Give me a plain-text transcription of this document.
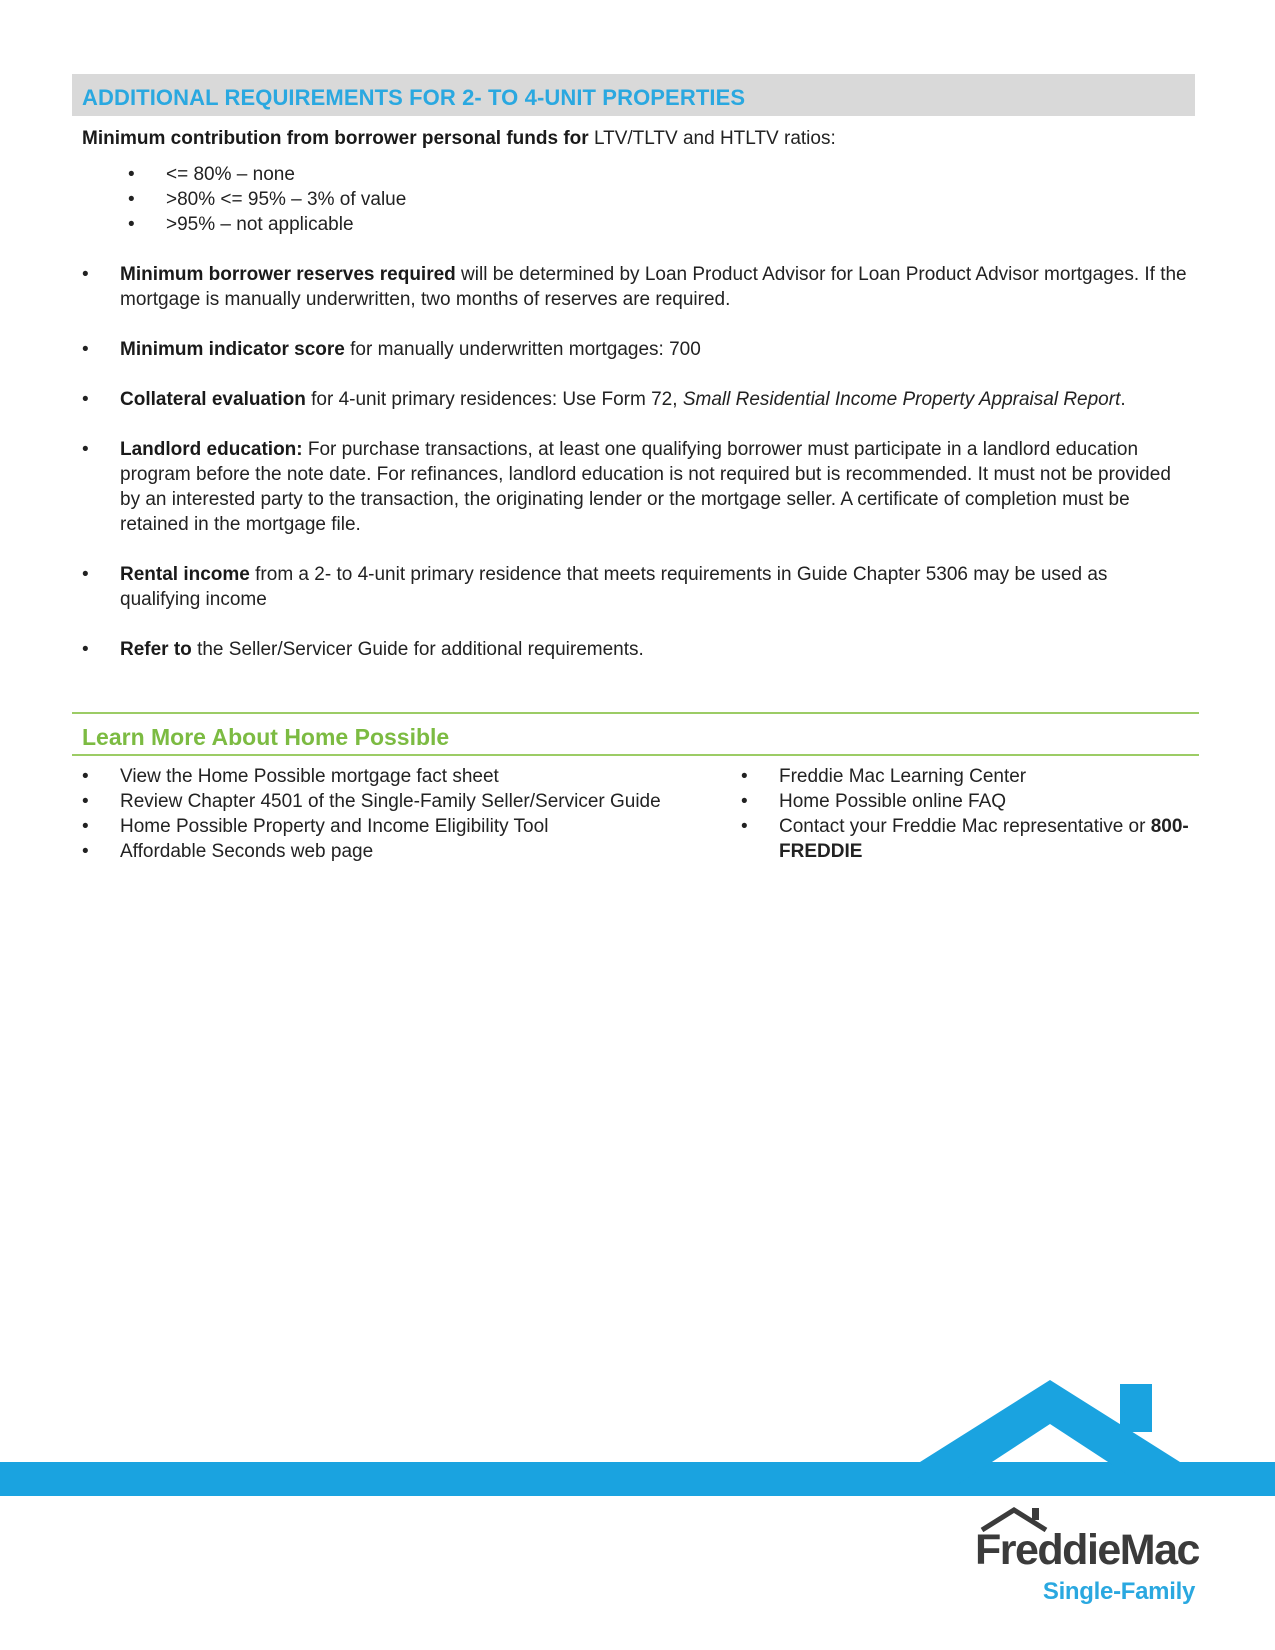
ADDITIONAL REQUIREMENTS FOR 2- TO 4-UNIT PROPERTIES

Minimum contribution from borrower personal funds for LTV/TLTV and HTLTV ratios:

• <= 80% – none
• >80% <= 95% – 3% of value
• >95% – not applicable
• Minimum borrower reserves required will be determined by Loan Product Advisor for Loan Product Advisor mortgages. If the mortgage is manually underwritten, two months of reserves are required.
• Minimum indicator score for manually underwritten mortgages: 700
• Collateral evaluation for 4-unit primary residences: Use Form 72, Small Residential Income Property Appraisal Report.
• Landlord education: For purchase transactions, at least one qualifying borrower must participate in a landlord education program before the note date. For refinances, landlord education is not required but is recommended. It must not be provided by an interested party to the transaction, the originating lender or the mortgage seller. A certificate of completion must be retained in the mortgage file.
• Rental income from a 2- to 4-unit primary residence that meets requirements in Guide Chapter 5306 may be used as qualifying income
• Refer to the Seller/Servicer Guide for additional requirements.
Learn More About Home Possible
• View the Home Possible mortgage fact sheet
• Review Chapter 4501 of the Single-Family Seller/Servicer Guide
• Home Possible Property and Income Eligibility Tool
• Affordable Seconds web page
• Freddie Mac Learning Center
• Home Possible online FAQ
• Contact your Freddie Mac representative or 800-FREDDIE
FreddieMac
Single-Family
